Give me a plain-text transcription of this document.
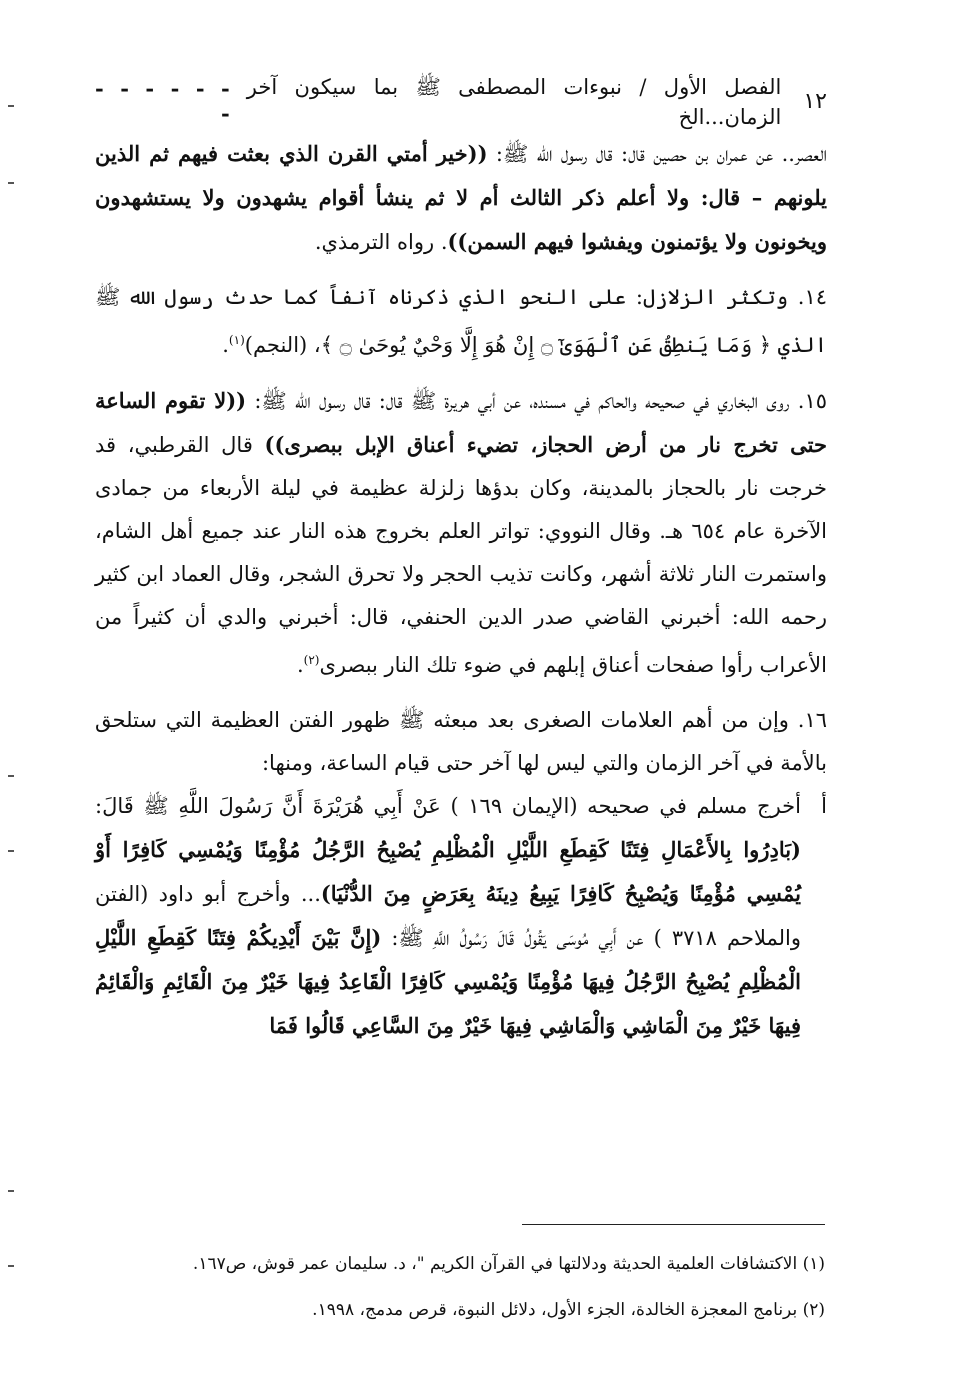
١٢
الفصل الأول / نبوءات المصطفى ﷺ بما سيكون آخر الزمان...الخ
- - - - - - -

العصر.. عن عمران بن حصين قال: قال رسول الله ﷺ: ((خير أمتي القرن الذي بعثت فيهم ثم الذين يلونهم – قال: ولا أعلم ذكر الثالث أم لا ثم ينشأ أقوام يشهدون ولا يستشهدون ويخونون ولا يؤتمنون ويفشوا فيهم السمن)). رواه الترمذي.

١٤. وتكثر الزلازل: على النحو الذي ذكرناه آنفاً كما حدث رسول الله ﷺ الذي ﴿ وَمَا يَنطِقُ عَنِ ٱلْهَوَىٰٓ ۝ إِنْ هُوَ إِلَّا وَحْيٌ يُوحَىٰ ۝ ﴾، (النجم)$^{(١)}$.

١٥. روى البخاري في صحيحه والحاكم في مسنده، عن أبي هريرة ﷺ قال: قال رسول الله ﷺ: ((لا تقوم الساعة حتى تخرج نار من أرض الحجاز، تضيء أعناق الإبل ببصرى)) قال القرطبي، قد خرجت نار بالحجاز بالمدينة، وكان بدؤها زلزلة عظيمة في ليلة الأربعاء من جمادى الآخرة عام ٦٥٤ هـ. وقال النووي: تواتر العلم بخروج هذه النار عند جميع أهل الشام، واستمرت النار ثلاثة أشهر، وكانت تذيب الحجر ولا تحرق الشجر، وقال العماد ابن كثير رحمه الله: أخبرني القاضي صدر الدين الحنفي، قال: أخبرني والدي أن كثيراً من الأعراب رأوا صفحات أعناق إبلهم في ضوء تلك النار ببصرى$^{(٢)}$.

١٦. وإن من أهم العلامات الصغرى بعد مبعثه ﷺ ظهور الفتن العظيمة التي ستلحق بالأمة في آخر الزمان والتي ليس لها آخر حتى قيام الساعة، ومنها:

أ

أخرج مسلم في صحيحه (الإيمان ١٦٩ ) عَنْ أَبِي هُرَيْرَةَ أَنَّ رَسُولَ اللَّهِ ﷺ قَالَ: (بَادِرُوا بِالأَعْمَالِ فِتَنًا كَقِطَعِ اللَّيْلِ الْمُظْلِمِ يُصْبِحُ الرَّجُلُ مُؤْمِنًا وَيُمْسِي كَافِرًا أَوْ يُمْسِي مُؤْمِنًا وَيُصْبِحُ كَافِرًا يَبِيعُ دِينَهُ بِعَرَضٍ مِنَ الدُّنْيَا)... وأخرج أبو داود (الفتن والملاحم ٣٧١٨ ) عن أَبِي مُوسَى يَقُولُ قَالَ رَسُولُ اللَّهِ ﷺ: (إِنَّ بَيْنَ أَيْدِيكُمْ فِتَنًا كَقِطَعِ اللَّيْلِ الْمُظْلِمِ يُصْبِحُ الرَّجُلُ فِيهَا مُؤْمِنًا وَيُمْسِي كَافِرًا الْقَاعِدُ فِيهَا خَيْرٌ مِنَ الْقَائِمِ وَالْقَائِمُ فِيهَا خَيْرٌ مِنَ الْمَاشِي وَالْمَاشِي فِيهَا خَيْرٌ مِنَ السَّاعِي قَالُوا فَمَا

(١) الاكتشافات العلمية الحديثة ودلالتها في القرآن الكريم "، د. سليمان عمر قوش، ص١٦٧.
(٢) برنامج المعجزة الخالدة، الجزء الأول، دلائل النبوة، قرص مدمج، ١٩٩٨.
